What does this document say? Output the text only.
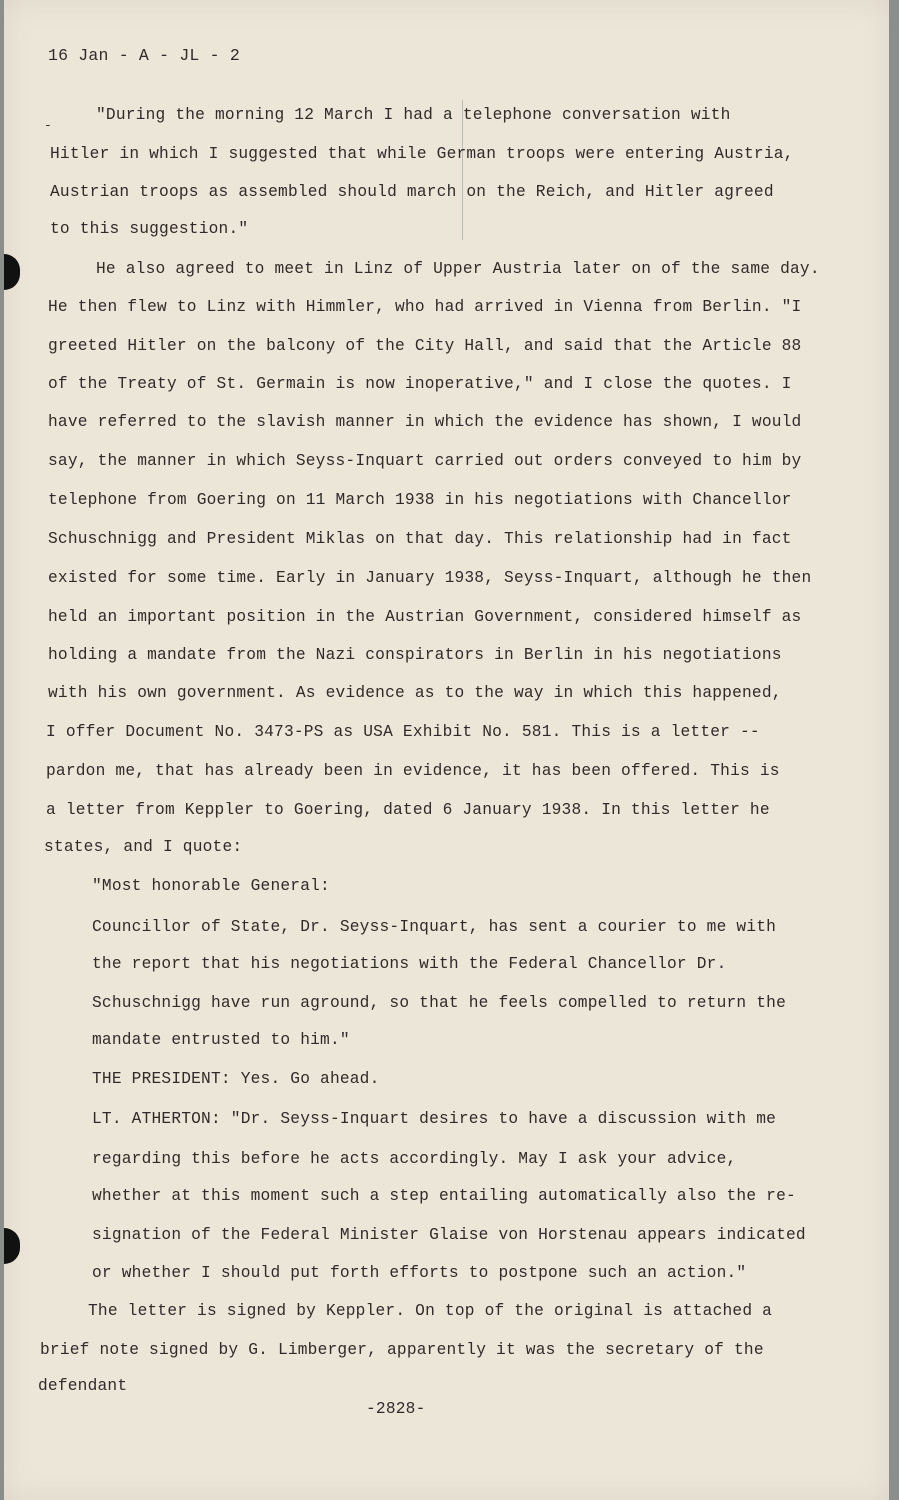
16 Jan - A - JL - 2
-
"During the morning 12 March I had a telephone conversation with
Hitler in which I suggested that while German troops were entering Austria,
Austrian troops as assembled should march on the Reich, and Hitler agreed
to this suggestion."
He also agreed to meet in Linz of Upper Austria later on of the same day.
He then flew to Linz with Himmler, who had arrived in Vienna from Berlin. "I
greeted Hitler on the balcony of the City Hall, and said that the Article 88
of the Treaty of St. Germain is now inoperative," and I close the quotes. I
have referred to the slavish manner in which the evidence has shown, I would
say, the manner in which Seyss-Inquart carried out orders conveyed to him by
telephone from Goering on 11 March 1938 in his negotiations with Chancellor
Schuschnigg and President Miklas on that day. This relationship had in fact
existed for some time. Early in January 1938, Seyss-Inquart, although he then
held an important position in the Austrian Government, considered himself as
holding a mandate from the Nazi conspirators in Berlin in his negotiations
with his own government. As evidence as to the way in which this happened,
I offer Document No. 3473-PS as USA Exhibit No. 581. This is a letter --
pardon me, that has already been in evidence, it has been offered. This is
a letter from Keppler to Goering, dated 6 January 1938. In this letter he
states, and I quote:
"Most honorable General:
Councillor of State, Dr. Seyss-Inquart, has sent a courier to me with
the report that his negotiations with the Federal Chancellor Dr.
Schuschnigg have run aground, so that he feels compelled to return the
mandate entrusted to him."
THE PRESIDENT: Yes. Go ahead.
LT. ATHERTON: "Dr. Seyss-Inquart desires to have a discussion with me
regarding this before he acts accordingly. May I ask your advice,
whether at this moment such a step entailing automatically also the re-
signation of the Federal Minister Glaise von Horstenau appears indicated
or whether I should put forth efforts to postpone such an action."
The letter is signed by Keppler. On top of the original is attached a
brief note signed by G. Limberger, apparently it was the secretary of the
defendant
-2828-
